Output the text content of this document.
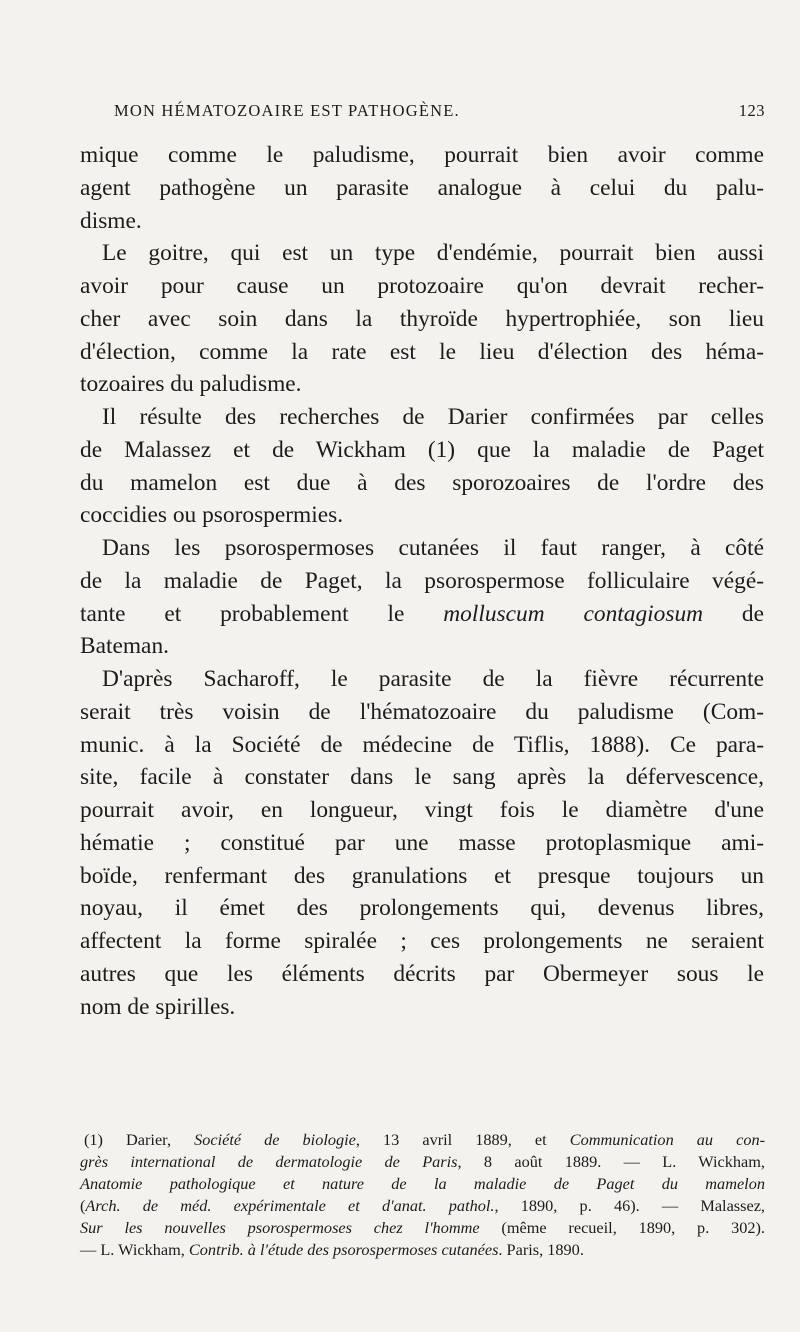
MON HÉMATOZOAIRE EST PATHOGÈNE.	123
mique comme le paludisme, pourrait bien avoir comme
agent pathogène un parasite analogue à celui du palu-
disme.
Le goitre, qui est un type d'endémie, pourrait bien aussi
avoir pour cause un protozoaire qu'on devrait recher-
cher avec soin dans la thyroïde hypertrophiée, son lieu
d'élection, comme la rate est le lieu d'élection des héma-
tozoaires du paludisme.
Il résulte des recherches de Darier confirmées par celles
de Malassez et de Wickham (1) que la maladie de Paget
du mamelon est due à des sporozoaires de l'ordre des
coccidies ou psorospermies.
Dans les psorospermoses cutanées il faut ranger, à côté
de la maladie de Paget, la psorospermose folliculaire végé-
tante et probablement le molluscum contagiosum de
Bateman.
D'après Sacharoff, le parasite de la fièvre récurrente
serait très voisin de l'hématozoaire du paludisme (Com-
munic. à la Société de médecine de Tiflis, 1888). Ce para-
site, facile à constater dans le sang après la défervescence,
pourrait avoir, en longueur, vingt fois le diamètre d'une
hématie ; constitué par une masse protoplasmique ami-
boïde, renfermant des granulations et presque toujours un
noyau, il émet des prolongements qui, devenus libres,
affectent la forme spiralée ; ces prolongements ne seraient
autres que les éléments décrits par Obermeyer sous le
nom de spirilles.
(1) Darier, Société de biologie, 13 avril 1889, et Communication au con-
grès international de dermatologie de Paris, 8 août 1889. — L. Wickham,
Anatomie pathologique et nature de la maladie de Paget du mamelon
(Arch. de méd. expérimentale et d'anat. pathol., 1890, p. 46). — Malassez,
Sur les nouvelles psorospermoses chez l'homme (même recueil, 1890, p. 302).
— L. Wickham, Contrib. à l'étude des psorospermoses cutanées. Paris, 1890.
